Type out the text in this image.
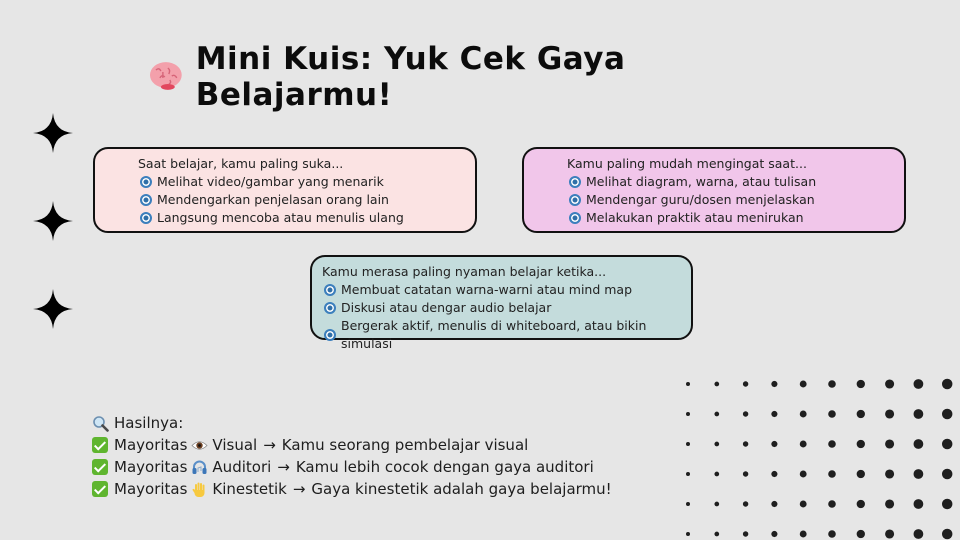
Mini Kuis: Yuk Cek Gaya Belajarmu!
Saat belajar, kamu paling suka...
Melihat video/gambar yang menarik
Mendengarkan penjelasan orang lain
Langsung mencoba atau menulis ulang
Kamu paling mudah mengingat saat...
Melihat diagram, warna, atau tulisan
Mendengar guru/dosen menjelaskan
Melakukan praktik atau menirukan
Kamu merasa paling nyaman belajar ketika...
Membuat catatan warna-warni atau mind map
Diskusi atau dengar audio belajar
Bergerak aktif, menulis di whiteboard, atau bikin simulasi
Hasilnya:
Mayoritas Visual → Kamu seorang pembelajar visual
Mayoritas Auditori → Kamu lebih cocok dengan gaya auditori
Mayoritas Kinestetik → Gaya kinestetik adalah gaya belajarmu!
